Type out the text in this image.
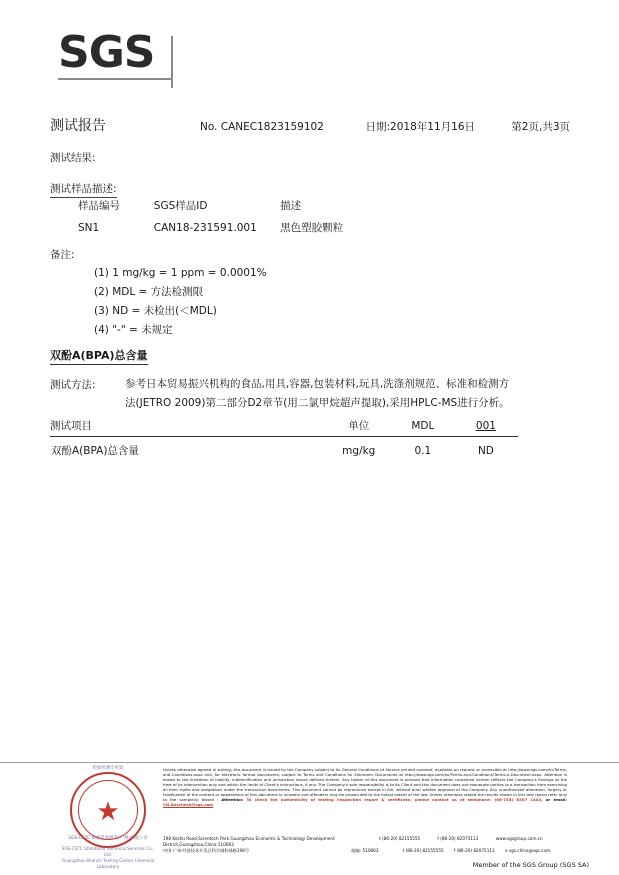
SGS
测试报告	No. CANEC1823159102	日期:2018年11月16日	第2页,共3页
测试结果:
测试样品描述:
样品编号	SGS样品ID	描述
SN1	CAN18-231591.001	黑色塑胶颗粒
备注:
(1) 1 mg/kg = 1 ppm = 0.0001%
(2) MDL = 方法检测限
(3) ND = 未检出(＜MDL)
(4) "-" = 未规定
双酚A(BPA)总含量
测试方法:	参考日本贸易振兴机构的食品,用具,容器,包装材料,玩具,洗涤剂规范、标准和检测方
法(JETRO 2009)第二部分D2章节(用二氯甲烷超声提取),采用HPLC-MS进行分析。
测试项目	单位	MDL	001
双酚A(BPA)总含量	mg/kg	0.1	ND
检验检测专用章
★
SGS-CSTC 标准技术服务(广州)有限公司
SGS-CSTC Standards Technical Services Co., Ltd.
Guangzhou Branch Testing Center Chemical Laboratory
Unless otherwise agreed in writing, this document is issued by the Company subject to its General Conditions of Service printed overleaf, available on request or accessible at http://www.sgs.com/en/Terms-and-Conditions.aspx and, for electronic format documents, subject to Terms and Conditions for Electronic Documents at http://www.sgs.com/en/Terms-and-Conditions/Terms-e-Document.aspx. Attention is drawn to the limitation of liability, indemnification and jurisdiction issues defined therein. Any holder of this document is advised that information contained hereon reflects the Company's findings at the time of its intervention only and within the limits of Client's instructions, if any. The Company's sole responsibility is to its Client and this document does not exonerate parties to a transaction from exercising all their rights and obligations under the transaction documents. This document cannot be reproduced except in full, without prior written approval of the Company. Any unauthorized alteration, forgery or falsification of the content or appearance of this document is unlawful and offenders may be prosecuted to the fullest extent of the law. Unless otherwise stated the results shown in this test report refer only to the sample(s) tested . Attention: To check the authenticity of testing /inspection report & certificate, please contact us at telephone: (86-755) 8307 1443, or email: CN.Doccheck@sgs.com
198 Kezhu Road,Scientech Park Guangzhou Economic & Technology Development District,Guangzhou,China 510663
t (86-20) 82155555	f (86-20) 82075113	www.sgsgroup.com.cn
中国·广州·经济技术开发区科学城科珠路198号	邮编: 510663	t (86-20) 82155555	f (86-20) 82075113	e sgs.china@sgs.com
Member of the SGS Group (SGS SA)
